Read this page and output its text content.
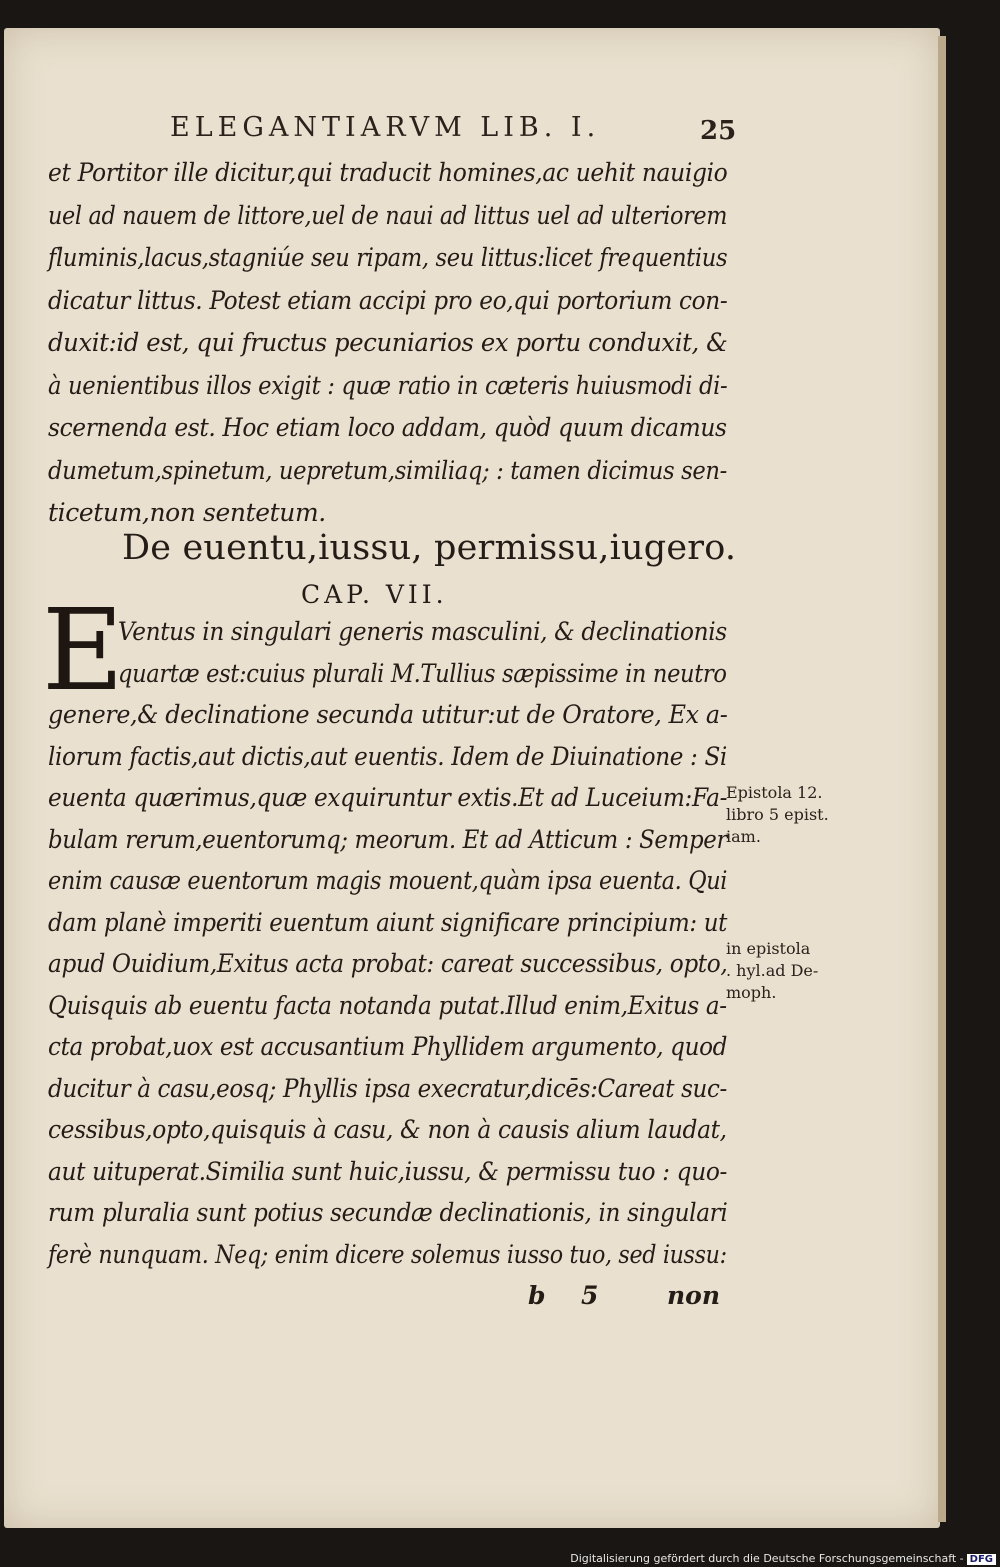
ELEGANTIARVM LIB. I.	25
et Portitor ille dicitur,qui traducit homines,ac uehit nauigio
uel ad nauem de littore,uel de naui ad littus uel ad ulteriorem
fluminis,lacus,stagniúe seu ripam, seu littus:licet frequentius
dicatur littus. Potest etiam accipi pro eo,qui portorium con-
duxit:id est, qui fructus pecuniarios ex portu conduxit, &
à uenientibus illos exigit : quæ ratio in cæteris huiusmodi di-
scernenda est. Hoc etiam loco addam, quòd quum dicamus
dumetum,spinetum, uepretum,similiaq; : tamen dicimus sen-
ticetum,non sentetum.
De euentu,iussu, permissu,iugero.
CAP. VII.
E
Ventus in singulari generis masculini, & declinationis
quartæ est:cuius plurali M.Tullius sæpissime in neutro
genere,& declinatione secunda utitur:ut de Oratore, Ex a-
liorum factis,aut dictis,aut euentis. Idem de Diuinatione : Si
euenta quærimus,quæ exquiruntur extis.Et ad Luceium:Fa-
bulam rerum,euentorumq; meorum. Et ad Atticum : Semper
enim causæ euentorum magis mouent,quàm ipsa euenta. Qui
dam planè imperiti euentum aiunt significare principium: ut
apud Ouidium,Exitus acta probat: careat successibus, opto,
Quisquis ab euentu facta notanda putat.Illud enim,Exitus a-
cta probat,uox est accusantium Phyllidem argumento, quod
ducitur à casu,eosq; Phyllis ipsa execratur,dicēs:Careat suc-
cessibus,opto,quisquis à casu, & non à causis alium laudat,
aut uituperat.Similia sunt huic,iussu, & permissu tuo : quo-
rum pluralia sunt potius secundæ declinationis, in singulari
ferè nunquam. Neq; enim dicere solemus iusso tuo, sed iussu:
Epistola 12.
libro 5 epist.
iam.
in epistola
. hyl.ad De-
moph.
b 5	non
Digitalisierung gefördert durch die Deutsche Forschungsgemeinschaft - DFG
